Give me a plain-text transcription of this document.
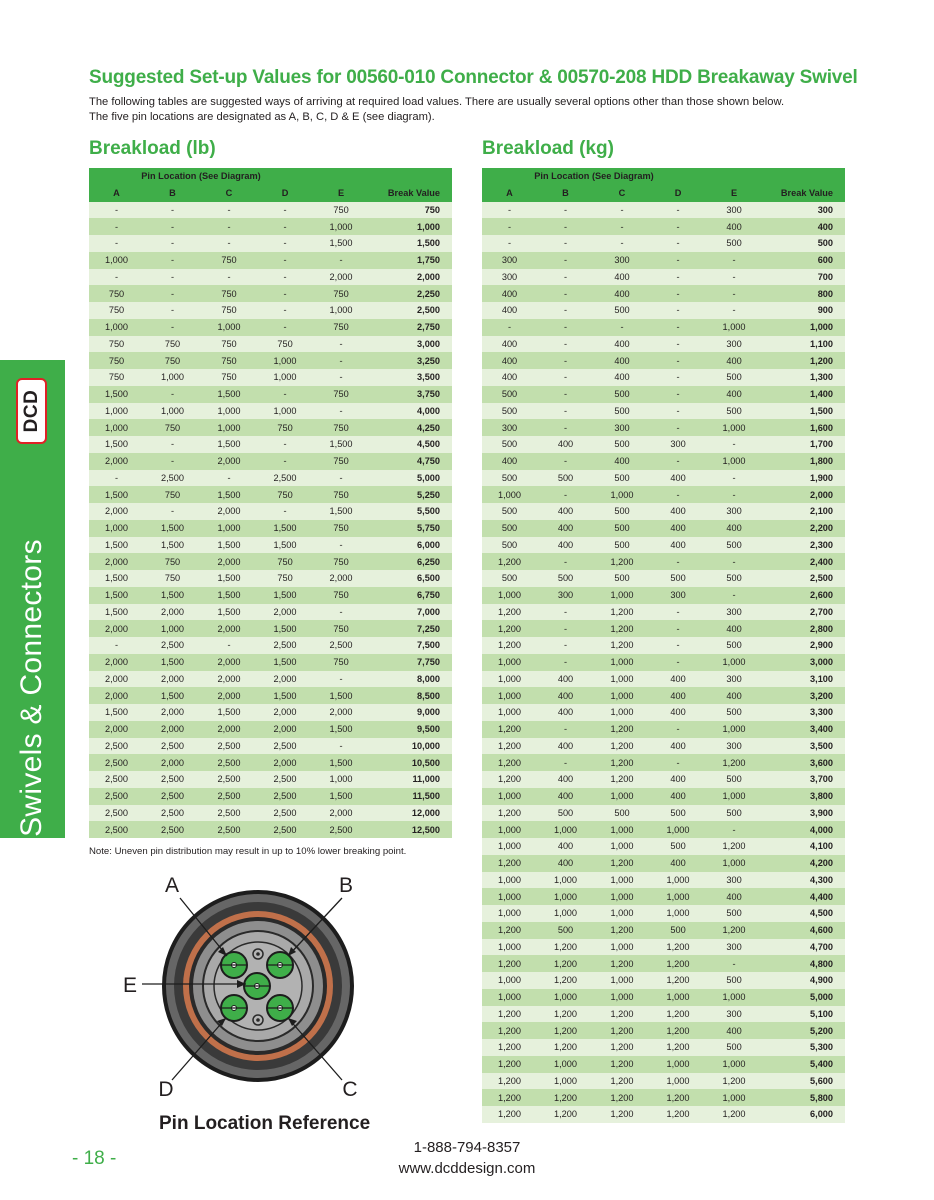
Suggested Set-up Values for 00560-010 Connector & 00570-208 HDD Breakaway Swivel
The following tables are suggested ways of arriving at required load values. There are usually several options other than those shown below.
The five pin locations are designated as A, B, C, D & E (see diagram).
Breakload (lb)	Breakload (kg)
Pin Location (See Diagram)					
A	B	C	D	E	Break Value
-	-	-	-	750	750
-	-	-	-	1,000	1,000
-	-	-	-	1,500	1,500
1,000	-	750	-	-	1,750
-	-	-	-	2,000	2,000
750	-	750	-	750	2,250
750	-	750	-	1,000	2,500
1,000	-	1,000	-	750	2,750
750	750	750	750	-	3,000
750	750	750	1,000	-	3,250
750	1,000	750	1,000	-	3,500
1,500	-	1,500	-	750	3,750
1,000	1,000	1,000	1,000	-	4,000
1,000	750	1,000	750	750	4,250
1,500	-	1,500	-	1,500	4,500
2,000	-	2,000	-	750	4,750
-	2,500	-	2,500	-	5,000
1,500	750	1,500	750	750	5,250
2,000	-	2,000	-	1,500	5,500
1,000	1,500	1,000	1,500	750	5,750
1,500	1,500	1,500	1,500	-	6,000
2,000	750	2,000	750	750	6,250
1,500	750	1,500	750	2,000	6,500
1,500	1,500	1,500	1,500	750	6,750
1,500	2,000	1,500	2,000	-	7,000
2,000	1,000	2,000	1,500	750	7,250
-	2,500	-	2,500	2,500	7,500
2,000	1,500	2,000	1,500	750	7,750
2,000	2,000	2,000	2,000	-	8,000
2,000	1,500	2,000	1,500	1,500	8,500
1,500	2,000	1,500	2,000	2,000	9,000
2,000	2,000	2,000	2,000	1,500	9,500
2,500	2,500	2,500	2,500	-	10,000
2,500	2,000	2,500	2,000	1,500	10,500
2,500	2,500	2,500	2,500	1,000	11,000
2,500	2,500	2,500	2,500	1,500	11,500
2,500	2,500	2,500	2,500	2,000	12,000
2,500	2,500	2,500	2,500	2,500	12,500
Pin Location (See Diagram)					
A	B	C	D	E	Break Value
-	-	-	-	300	300
-	-	-	-	400	400
-	-	-	-	500	500
300	-	300	-	-	600
300	-	400	-	-	700
400	-	400	-	-	800
400	-	500	-	-	900
-	-	-	-	1,000	1,000
400	-	400	-	300	1,100
400	-	400	-	400	1,200
400	-	400	-	500	1,300
500	-	500	-	400	1,400
500	-	500	-	500	1,500
300	-	300	-	1,000	1,600
500	400	500	300	-	1,700
400	-	400	-	1,000	1,800
500	500	500	400	-	1,900
1,000	-	1,000	-	-	2,000
500	400	500	400	300	2,100
500	400	500	400	400	2,200
500	400	500	400	500	2,300
1,200	-	1,200	-	-	2,400
500	500	500	500	500	2,500
1,000	300	1,000	300	-	2,600
1,200	-	1,200	-	300	2,700
1,200	-	1,200	-	400	2,800
1,200	-	1,200	-	500	2,900
1,000	-	1,000	-	1,000	3,000
1,000	400	1,000	400	300	3,100
1,000	400	1,000	400	400	3,200
1,000	400	1,000	400	500	3,300
1,200	-	1,200	-	1,000	3,400
1,200	400	1,200	400	300	3,500
1,200	-	1,200	-	1,200	3,600
1,200	400	1,200	400	500	3,700
1,000	400	1,000	400	1,000	3,800
1,200	500	500	500	500	3,900
1,000	1,000	1,000	1,000	-	4,000
1,000	400	1,000	500	1,200	4,100
1,200	400	1,200	400	1,000	4,200
1,000	1,000	1,000	1,000	300	4,300
1,000	1,000	1,000	1,000	400	4,400
1,000	1,000	1,000	1,000	500	4,500
1,200	500	1,200	500	1,200	4,600
1,000	1,200	1,000	1,200	300	4,700
1,200	1,200	1,200	1,200	-	4,800
1,000	1,200	1,000	1,200	500	4,900
1,000	1,000	1,000	1,000	1,000	5,000
1,200	1,200	1,200	1,200	300	5,100
1,200	1,200	1,200	1,200	400	5,200
1,200	1,200	1,200	1,200	500	5,300
1,200	1,000	1,200	1,000	1,000	5,400
1,200	1,000	1,200	1,000	1,200	5,600
1,200	1,200	1,200	1,200	1,000	5,800
1,200	1,200	1,200	1,200	1,200	6,000
Note: Uneven pin distribution may result in up to 10% lower breaking point.
DCD
Swivels & Connectors
A	B
E
D	C
Pin Location Reference
- 18 -
1-888-794-8357
www.dcddesign.com
